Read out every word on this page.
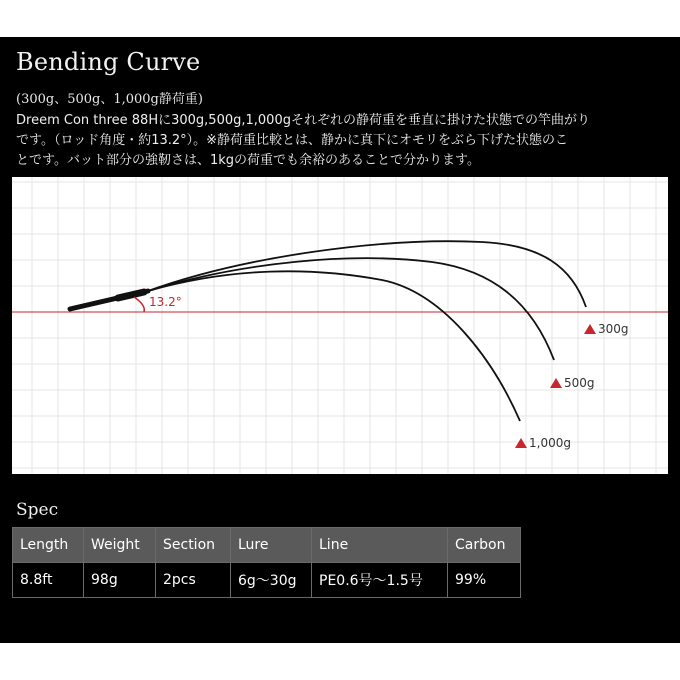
Bending Curve
(300g、500g、1,000g静荷重)
Dreem Con three 88Hに300g,500g,1,000gそれぞれの静荷重を垂直に掛けた状態での竿曲がり
です。（ロッド角度・約13.2°）。※静荷重比較とは、静かに真下にオモリをぶら下げた状態のこ
とです。バット部分の強靭さは、1kgの荷重でも余裕のあることで分かります。
13.2°
300g
500g
1,000g
Spec
Length	Weight	Section	Lure	Line	Carbon
8.8ft	98g	2pcs	6g～30g	PE0.6号～1.5号	99%
